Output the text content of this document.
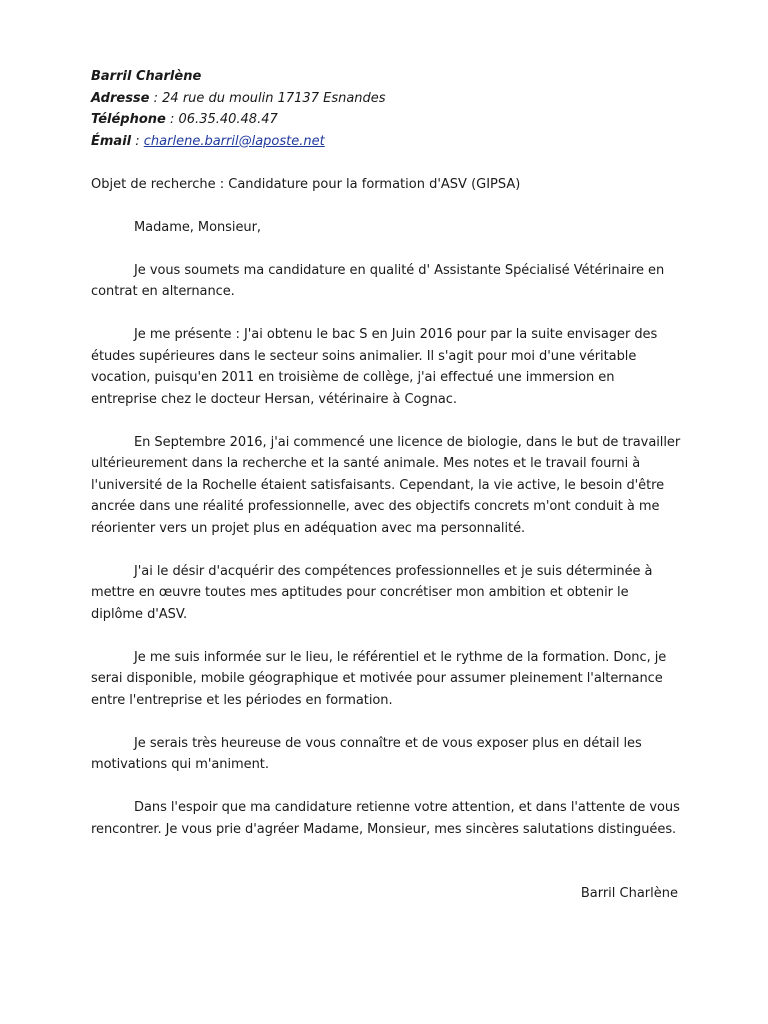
Barril Charlène
Adresse : 24 rue du moulin 17137 Esnandes
Téléphone : 06.35.40.48.47
Émail : charlene.barril@laposte.net
Objet de recherche : Candidature pour la formation d'ASV (GIPSA)
Madame, Monsieur,
Je vous soumets ma candidature en qualité d' Assistante Spécialisé Vétérinaire en contrat en alternance.
Je me présente : J'ai obtenu le bac S en Juin 2016 pour par la suite envisager des études supérieures dans le secteur soins animalier. Il s'agit pour moi d'une véritable vocation, puisqu'en 2011 en troisième de collège, j'ai effectué une immersion en entreprise chez le docteur Hersan, vétérinaire à Cognac.
En Septembre 2016, j'ai commencé une licence de biologie, dans le but de travailler ultérieurement dans la recherche et la santé animale. Mes notes et le travail fourni à l'université de la Rochelle étaient satisfaisants. Cependant, la vie active, le besoin d'être ancrée dans une réalité professionnelle, avec des objectifs concrets m'ont conduit à me réorienter vers un projet plus en adéquation avec ma personnalité.
J'ai le désir d'acquérir des compétences professionnelles et je suis déterminée à mettre en œuvre toutes mes aptitudes pour concrétiser mon ambition et obtenir le diplôme d'ASV.
Je me suis informée sur le lieu, le référentiel et le rythme de la formation. Donc, je serai disponible, mobile géographique et motivée pour assumer pleinement l'alternance entre l'entreprise et les périodes en formation.
Je serais très heureuse de vous connaître et de vous exposer plus en détail les motivations qui m'animent.
Dans l'espoir que ma candidature retienne votre attention, et dans l'attente de vous rencontrer. Je vous prie d'agréer Madame, Monsieur, mes sincères salutations distinguées.
Barril Charlène
